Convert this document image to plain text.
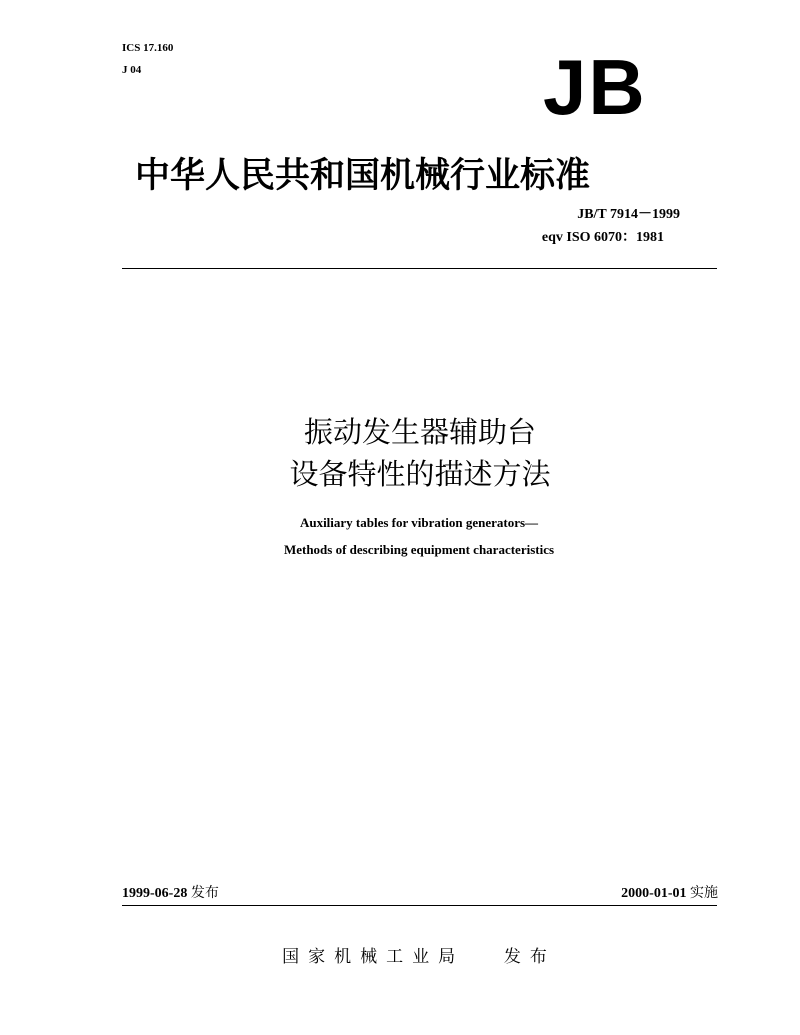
ICS 17.160
J 04	JB
中华人民共和国机械行业标准
JB/T 7914－1999
eqv ISO 6070：1981
振动发生器辅助台
设备特性的描述方法
Auxiliary tables for vibration generators—
Methods of describing equipment characteristics
1999-06-28 发布	2000-01-01 实施
国家机械工业局 发布
